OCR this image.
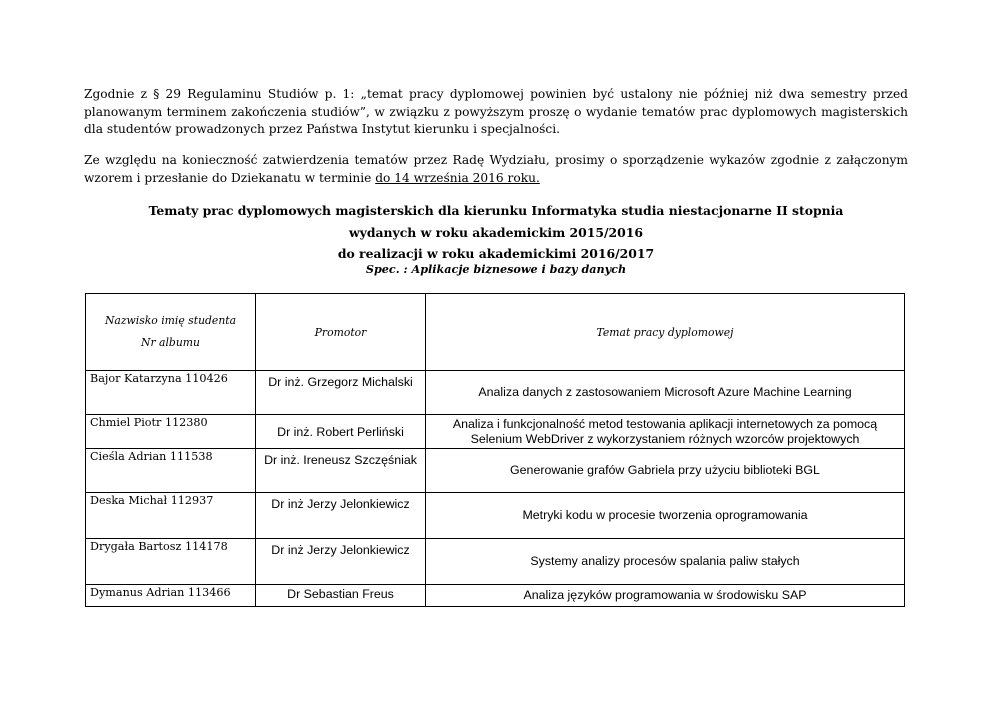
Zgodnie z § 29 Regulaminu Studiów p. 1: „temat pracy dyplomowej powinien być ustalony nie później niż dwa semestry przed planowanym terminem zakończenia studiów”, w związku z powyższym proszę o wydanie tematów prac dyplomowych magisterskich dla studentów prowadzonych przez Państwa Instytut kierunku i specjalności.

Ze względu na konieczność zatwierdzenia tematów przez Radę Wydziału, prosimy o sporządzenie wykazów zgodnie z załączonym wzorem i przesłanie do Dziekanatu w terminie do 14 września 2016 roku.

Tematy prac dyplomowych magisterskich dla kierunku Informatyka studia niestacjonarne II stopnia

wydanych w roku akademickim 2015/2016

do realizacji w roku akademickimi 2016/2017

Spec. : Aplikacje biznesowe i bazy danych

Nazwisko imię studenta
Nr albumu	Promotor	Temat pracy dyplomowej
Bajor Katarzyna 110426	Dr inż. Grzegorz Michalski	Analiza danych z zastosowaniem Microsoft Azure Machine Learning
Chmiel Piotr 112380	Dr inż. Robert Perliński	Analiza i funkcjonalność metod testowania aplikacji internetowych za pomocą Selenium WebDriver z wykorzystaniem różnych wzorców projektowych
Cieśla Adrian 111538	Dr inż. Ireneusz Szczęśniak	Generowanie grafów Gabriela przy użyciu biblioteki BGL
Deska Michał 112937	Dr inż Jerzy Jelonkiewicz	Metryki kodu w procesie tworzenia oprogramowania
Drygała Bartosz 114178	Dr inż Jerzy Jelonkiewicz	Systemy analizy procesów spalania paliw stałych
Dymanus Adrian 113466	Dr Sebastian Freus	Analiza języków programowania w środowisku SAP
